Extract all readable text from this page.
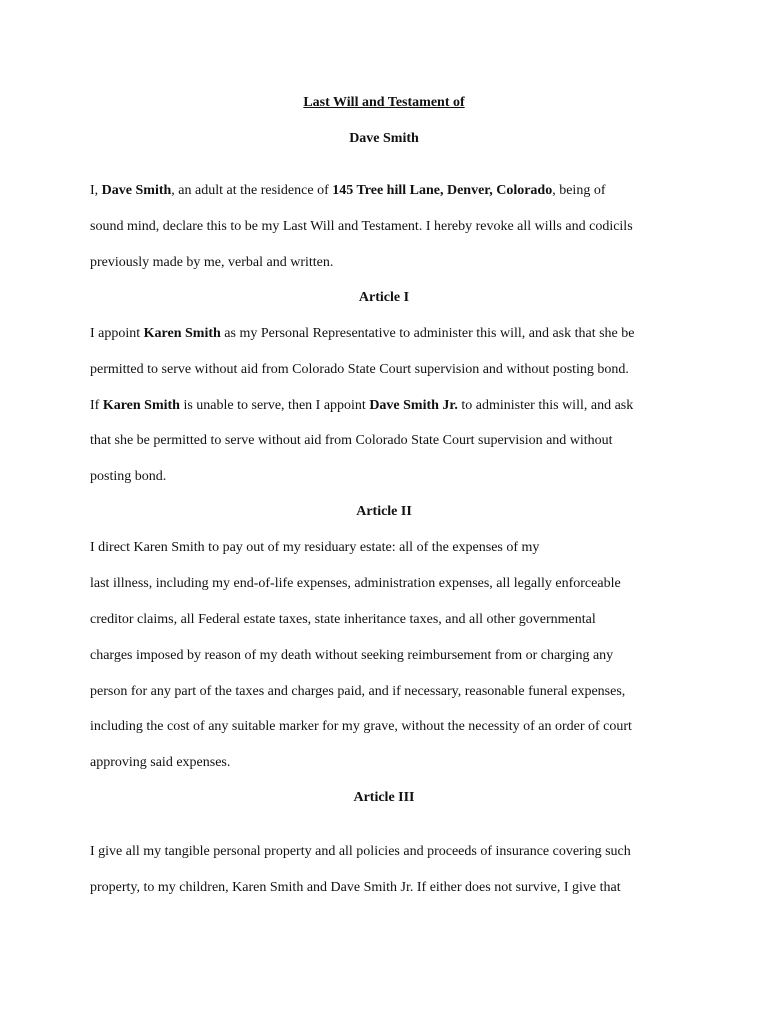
Last Will and Testament of
Dave Smith
I, Dave Smith, an adult at the residence of 145 Tree hill Lane, Denver, Colorado, being of
sound mind, declare this to be my Last Will and Testament. I hereby revoke all wills and codicils
previously made by me, verbal and written.
Article I
I appoint Karen Smith as my Personal Representative to administer this will, and ask that she be
permitted to serve without aid from Colorado State Court supervision and without posting bond.
If Karen Smith is unable to serve, then I appoint Dave Smith Jr. to administer this will, and ask
that she be permitted to serve without aid from Colorado State Court supervision and without
posting bond.
Article II
I direct Karen Smith to pay out of my residuary estate: all of the expenses of my
last illness, including my end-of-life expenses, administration expenses, all legally enforceable
creditor claims, all Federal estate taxes, state inheritance taxes, and all other governmental
charges imposed by reason of my death without seeking reimbursement from or charging any
person for any part of the taxes and charges paid, and if necessary, reasonable funeral expenses,
including the cost of any suitable marker for my grave, without the necessity of an order of court
approving said expenses.
Article III
I give all my tangible personal property and all policies and proceeds of insurance covering such
property, to my children, Karen Smith and Dave Smith Jr. If either does not survive, I give that
